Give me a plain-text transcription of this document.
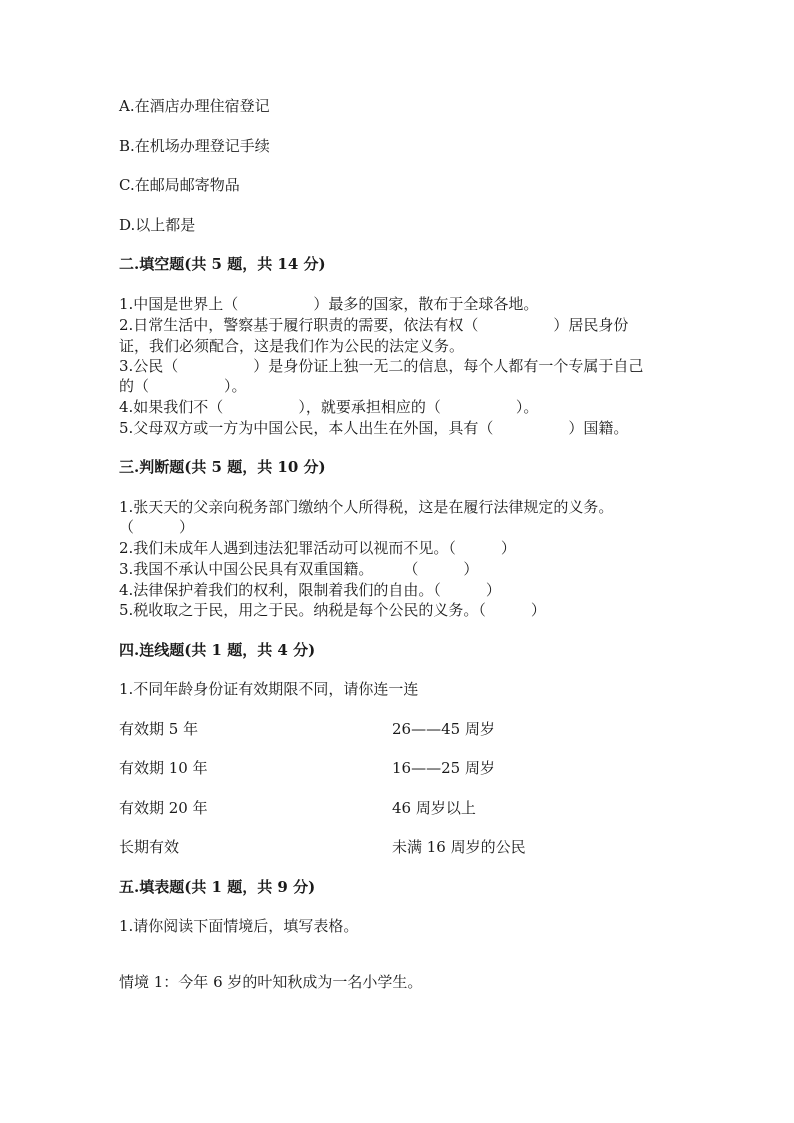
A.在酒店办理住宿登记
B.在机场办理登记手续
C.在邮局邮寄物品
D.以上都是
二.填空题(共 5 题，共 14 分)
1.中国是世界上（　　　　　）最多的国家，散布于全球各地。
2.日常生活中，警察基于履行职责的需要，依法有权（　　　　　）居民身份
证，我们必须配合，这是我们作为公民的法定义务。
3.公民（　　　　　）是身份证上独一无二的信息，每个人都有一个专属于自己
的（　　　　　）。
4.如果我们不（　　　　　），就要承担相应的（　　　　　）。
5.父母双方或一方为中国公民，本人出生在外国，具有（　　　　　）国籍。
三.判断题(共 5 题，共 10 分)
1.张天天的父亲向税务部门缴纳个人所得税，这是在履行法律规定的义务。
（　　　）
2.我们未成年人遇到违法犯罪活动可以视而不见。（　　　）
3.我国不承认中国公民具有双重国籍。　　　（　　　）
4.法律保护着我们的权利，限制着我们的自由。（　　　）
5.税收取之于民，用之于民。纳税是每个公民的义务。（　　　）
四.连线题(共 1 题，共 4 分)
1.不同年龄身份证有效期限不同，请你连一连
有效期 5 年	26——45 周岁
有效期 10 年	16——25 周岁
有效期 20 年	46 周岁以上
长期有效	未满 16 周岁的公民
五.填表题(共 1 题，共 9 分)
1.请你阅读下面情境后，填写表格。
情境 1：今年 6 岁的叶知秋成为一名小学生。
